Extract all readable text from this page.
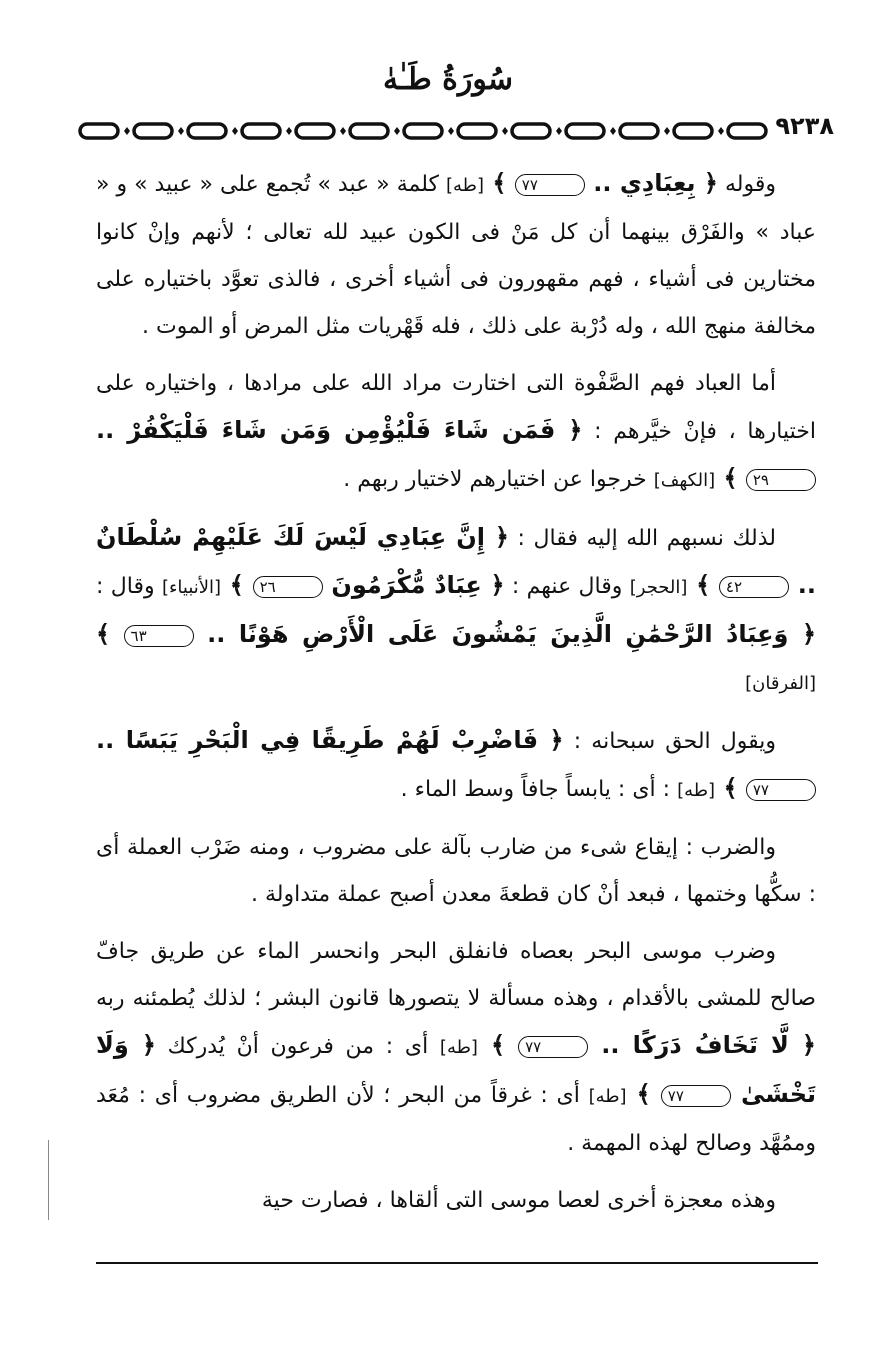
سُورَةُ طَـٰهٰ
٩٢٣٨

وقوله ﴿ بِعِبَادِي .. ٧٧ ﴾ [طه] كلمة « عبد » تُجمع على « عبيد » و « عباد » والفَرْق بينهما أن كل مَنْ فى الكون عبيد لله تعالى ؛ لأنهم وإنْ كانوا مختارين فى أشياء ، فهم مقهورون فى أشياء أخرى ، فالذى تعوَّد باختياره على مخالفة منهج الله ، وله دُرْبة على ذلك ، فله قَهْريات مثل المرض أو الموت .

أما العباد فهم الصَّفْوة التى اختارت مراد الله على مرادها ، واختياره على اختيارها ، فإنْ خيَّرهم : ﴿ فَمَن شَاءَ فَلْيُؤْمِن وَمَن شَاءَ فَلْيَكْفُرْ .. ٢٩ ﴾ [الكهف] خرجوا عن اختيارهم لاختيار ربهم .

لذلك نسبهم الله إليه فقال : ﴿ إِنَّ عِبَادِي لَيْسَ لَكَ عَلَيْهِمْ سُلْطَانٌ .. ٤٢ ﴾ [الحجر] وقال عنهم : ﴿ عِبَادٌ مُّكْرَمُونَ ٢٦ ﴾ [الأنبياء] وقال : ﴿ وَعِبَادُ الرَّحْمَٰنِ الَّذِينَ يَمْشُونَ عَلَى الْأَرْضِ هَوْنًا .. ٦٣ ﴾ [الفرقان]

ويقول الحق سبحانه : ﴿ فَاضْرِبْ لَهُمْ طَرِيقًا فِي الْبَحْرِ يَبَسًا .. ٧٧ ﴾ [طه] : أى : يابساً جافاً وسط الماء .

والضرب : إيقاع شىء من ضارب بآلة على مضروب ، ومنه ضَرْب العملة أى : سكُّها وختمها ، فبعد أنْ كان قطعةَ معدن أصبح عملة متداولة .

وضرب موسى البحر بعصاه فانفلق البحر وانحسر الماء عن طريق جافّ صالح للمشى بالأقدام ، وهذه مسألة لا يتصورها قانون البشر ؛ لذلك يُطمئنه ربه ﴿ لَّا تَخَافُ دَرَكًا .. ٧٧ ﴾ [طه] أى : من فرعون أنْ يُدركك ﴿ وَلَا تَخْشَىٰ ٧٧ ﴾ [طه] أى : غرقاً من البحر ؛ لأن الطريق مضروب أى : مُعَد وممُهَّد وصالح لهذه المهمة .

وهذه معجزة أخرى لعصا موسى التى ألقاها ، فصارت حية
